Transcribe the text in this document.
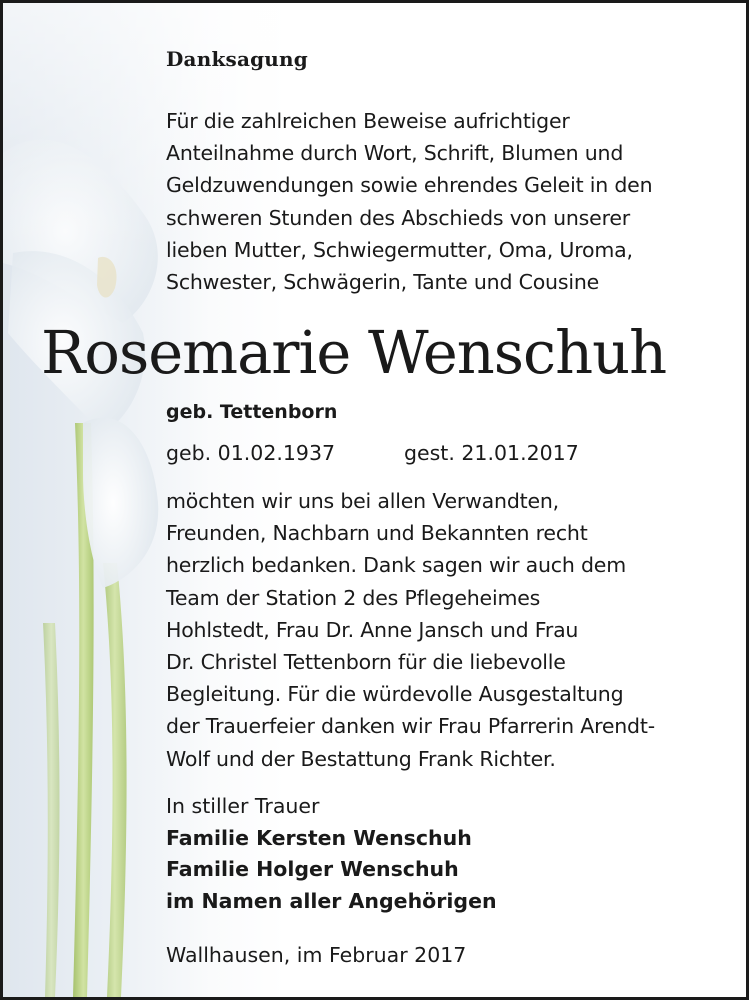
Danksagung
Für die zahlreichen Beweise aufrichtiger
Anteilnahme durch Wort, Schrift, Blumen und
Geldzuwendungen sowie ehrendes Geleit in den
schweren Stunden des Abschieds von unserer
lieben Mutter, Schwiegermutter, Oma, Uroma,
Schwester, Schwägerin, Tante und Cousine
Rosemarie Wenschuh
geb. Tettenborn
geb. 01.02.1937	gest. 21.01.2017
möchten wir uns bei allen Verwandten,
Freunden, Nachbarn und Bekannten recht
herzlich bedanken. Dank sagen wir auch dem
Team der Station 2 des Pflegeheimes
Hohlstedt, Frau Dr. Anne Jansch und Frau
Dr. Christel Tettenborn für die liebevolle
Begleitung. Für die würdevolle Ausgestaltung
der Trauerfeier danken wir Frau Pfarrerin Arendt-
Wolf und der Bestattung Frank Richter.
In stiller Trauer
Familie Kersten Wenschuh
Familie Holger Wenschuh
im Namen aller Angehörigen
Wallhausen, im Februar 2017
